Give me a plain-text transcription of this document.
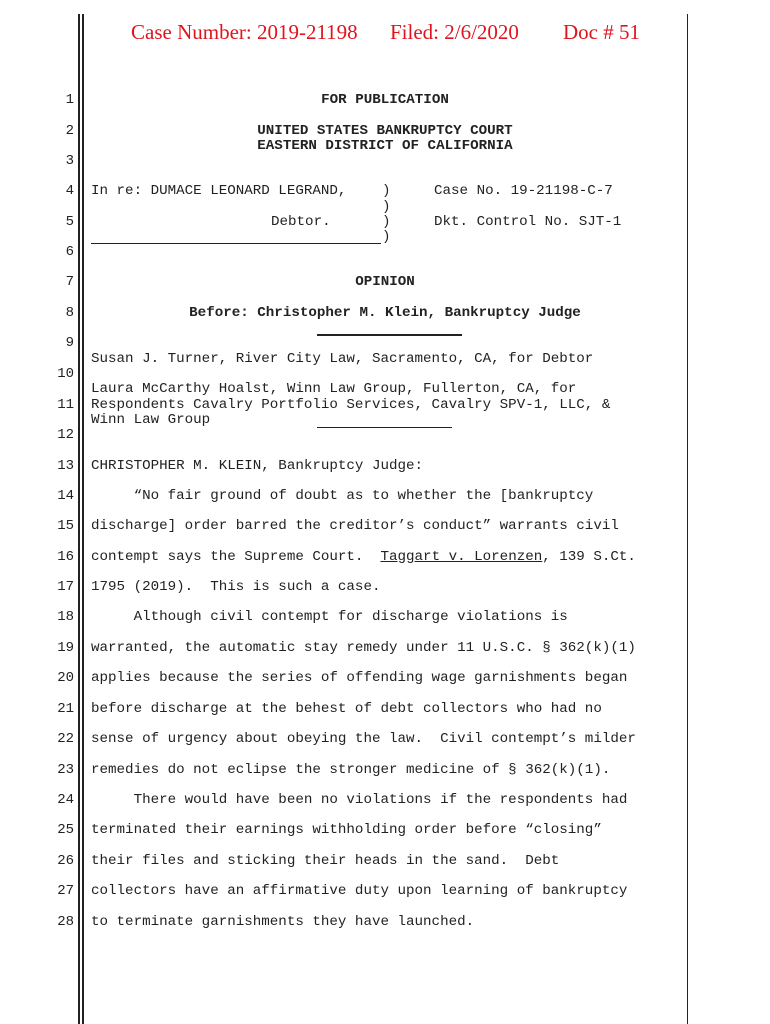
Case Number: 2019-21198 Filed: 2/6/2020 Doc # 51
1
2
3
4
5
6
7
8
9
10
11
12
13
14
15
16
17
18
19
20
21
22
23
24
25
26
27
28
FOR PUBLICATION
UNITED STATES BANKRUPTCY COURT
EASTERN DISTRICT OF CALIFORNIA
In re: DUMACE LEONARD LEGRAND,
Debtor.
)
)
)
)
Case No. 19-21198-C-7
Dkt. Control No. SJT-1
OPINION
Before: Christopher M. Klein, Bankruptcy Judge
Susan J. Turner, River City Law, Sacramento, CA, for Debtor
Laura McCarthy Hoalst, Winn Law Group, Fullerton, CA, for
Respondents Cavalry Portfolio Services, Cavalry SPV-1, LLC, &
Winn Law Group
CHRISTOPHER M. KLEIN, Bankruptcy Judge:
“No fair ground of doubt as to whether the [bankruptcy
discharge] order barred the creditor’s conduct” warrants civil
contempt says the Supreme Court.  Taggart v. Lorenzen, 139 S.Ct.
1795 (2019).  This is such a case.
Although civil contempt for discharge violations is
warranted, the automatic stay remedy under 11 U.S.C. § 362(k)(1)
applies because the series of offending wage garnishments began
before discharge at the behest of debt collectors who had no
sense of urgency about obeying the law.  Civil contempt’s milder
remedies do not eclipse the stronger medicine of § 362(k)(1).
There would have been no violations if the respondents had
terminated their earnings withholding order before “closing”
their files and sticking their heads in the sand.  Debt
collectors have an affirmative duty upon learning of bankruptcy
to terminate garnishments they have launched.
